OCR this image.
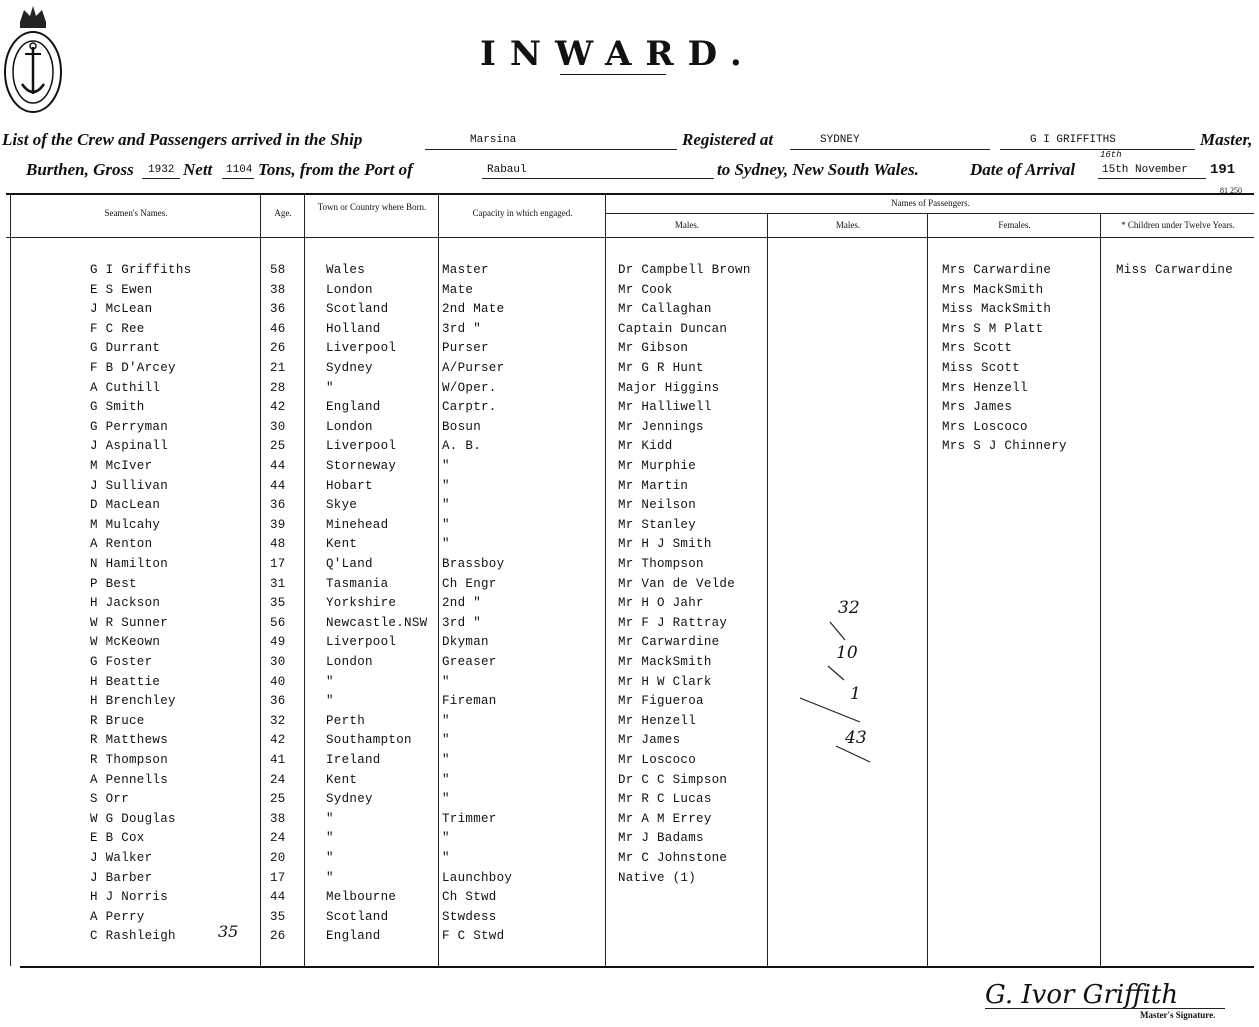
INWARD.
List of the Crew and Passengers arrived in the Ship	Marsina	Registered at	SYDNEY	G I GRIFFITHS	Master,
Burthen, Gross 1932 Nett 1104 Tons, from the Port of	Rabaul	to Sydney, New South Wales.	Date of Arrival 15th November
16th
191
81 250
Seamen's Names.	Age.
Town or Country where Born.
Capacity in which engaged.
Names of Passengers.
Males.	Males.	Females.	* Children under Twelve Years.
G I Griffiths	58	Wales	Master
E S Ewen	38	London	Mate
J McLean	36	Scotland	2nd Mate
F C Ree	46	Holland	3rd "
G Durrant	26	Liverpool	Purser
F B D'Arcey	21	Sydney	A/Purser
A Cuthill	28	"	W/Oper.
G Smith	42	England	Carptr.
G Perryman	30	London	Bosun
J Aspinall	25	Liverpool	A. B.
M McIver	44	Storneway	"
J Sullivan	44	Hobart	"
D MacLean	36	Skye	"
M Mulcahy	39	Minehead	"
A Renton	48	Kent	"
N Hamilton	17	Q'Land	Brassboy
P Best	31	Tasmania	Ch Engr
H Jackson	35	Yorkshire	2nd "
W R Sunner	56	Newcastle.NSW 3rd "
W McKeown	49	Liverpool	Dkyman
G Foster	30	London	Greaser
H Beattie	40	"	"
H Brenchley	36	"	Fireman
R Bruce	32	Perth	"
R Matthews	42	Southampton "
R Thompson	41	Ireland	"
A Pennells	24	Kent	"
S Orr	25	Sydney	"
W G Douglas	38	"	Trimmer
E B Cox	24	"	"
J Walker	20	"	"
J Barber	17	"	Launchboy
H J Norris	44	Melbourne	Ch Stwd
A Perry	35	Scotland	Stwdess
C Rashleigh	26	England	F C Stwd
Dr Campbell Brown
Mr Cook
Mr Callaghan
Captain Duncan
Mr Gibson
Mr G R Hunt
Major Higgins
Mr Halliwell
Mr Jennings
Mr Kidd
Mr Murphie
Mr Martin
Mr Neilson
Mr Stanley
Mr H J Smith
Mr Thompson
Mr Van de Velde
Mr H O Jahr
Mr F J Rattray
Mr Carwardine
Mr MackSmith
Mr H W Clark
Mr Figueroa
Mr Henzell
Mr James
Mr Loscoco
Dr C C Simpson
Mr R C Lucas
Mr A M Errey
Mr J Badams
Mr C Johnstone
Native (1)
Mrs Carwardine
Mrs MackSmith
Miss MackSmith
Mrs S M Platt
Mrs Scott
Miss Scott
Mrs Henzell
Mrs James
Mrs Loscoco
Mrs S J Chinnery
Miss Carwardine
32
10
1
43
35
G. Ivor Griffith
Master's Signature.
